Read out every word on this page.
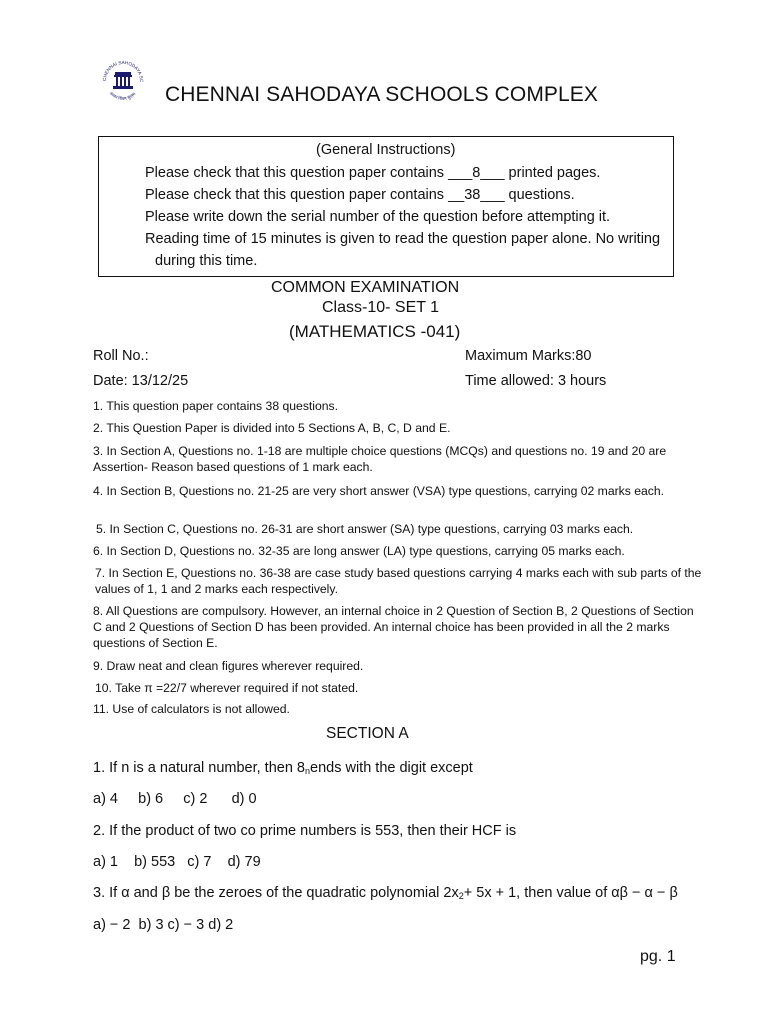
CHENNAI SAHODAYA SC
सत्यम शिवम सुंदरम CHENNAI SAHODAYA SCHOOLS COMPLEX
(General Instructions)
Please check that this question paper contains ___8___ printed pages.
Please check that this question paper contains __38___ questions.
Please write down the serial number of the question before attempting it.
Reading time of 15 minutes is given to read the question paper alone. No writing
during this time.
COMMON EXAMINATION
Class-10- SET 1
(MATHEMATICS -041)
Roll No.:	Maximum Marks:80
Date: 13/12/25	Time allowed: 3 hours
1. This question paper contains 38 questions.
2. This Question Paper is divided into 5 Sections A, B, C, D and E.
3. In Section A, Questions no. 1-18 are multiple choice questions (MCQs) and questions no. 19 and 20 are Assertion- Reason based questions of 1 mark each.
4. In Section B, Questions no. 21-25 are very short answer (VSA) type questions, carrying 02 marks each.
5. In Section C, Questions no. 26-31 are short answer (SA) type questions, carrying 03 marks each.
6. In Section D, Questions no. 32-35 are long answer (LA) type questions, carrying 05 marks each.
7. In Section E, Questions no. 36-38 are case study based questions carrying 4 marks each with sub parts of the values of 1, 1 and 2 marks each respectively.
8. All Questions are compulsory. However, an internal choice in 2 Question of Section B, 2 Questions of Section C and 2 Questions of Section D has been provided. An internal choice has been provided in all the 2 marks questions of Section E.
9. Draw neat and clean figures wherever required.
10. Take π =22/7 wherever required if not stated.
11. Use of calculators is not allowed.
SECTION A
1. If n is a natural number, then $8_nends$ with the digit except
a) 4     b) 6     c) 2      d) 0
2. If the product of two co prime numbers is 553, then their HCF is
a) 1    b) 553   c) 7    d) 79
3. If α and β be the zeroes of the quadratic polynomial $2x_2+ 5x + 1$, then value of αβ − α − β
a) − 2  b) 3 c) − 3 d) 2
pg. 1
